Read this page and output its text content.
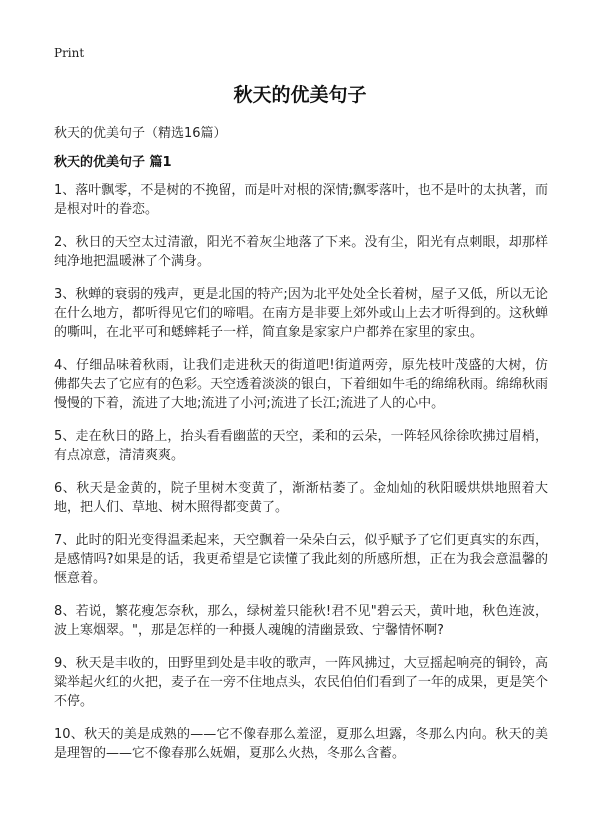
Print
秋天的优美句子

秋天的优美句子（精选16篇）

秋天的优美句子 篇1

1、落叶飘零，不是树的不挽留，而是叶对根的深情;飘零落叶，也不是叶的太执著，而是根对叶的眷恋。

2、秋日的天空太过清澈，阳光不着灰尘地落了下来。没有尘，阳光有点刺眼，却那样纯净地把温暖淋了个满身。

3、秋蝉的衰弱的残声，更是北国的特产;因为北平处处全长着树，屋子又低，所以无论在什么地方，都听得见它们的啼唱。在南方是非要上郊外或山上去才听得到的。这秋蝉的嘶叫，在北平可和蟋蟀耗子一样，简直象是家家户户都养在家里的家虫。

4、仔细品味着秋雨，让我们走进秋天的街道吧!街道两旁，原先枝叶茂盛的大树，仿佛都失去了它应有的色彩。天空透着淡淡的银白，下着细如牛毛的绵绵秋雨。绵绵秋雨慢慢的下着，流进了大地;流进了小河;流进了长江;流进了人的心中。

5、走在秋日的路上，抬头看看幽蓝的天空，柔和的云朵，一阵轻风徐徐吹拂过眉梢，有点凉意，清清爽爽。

6、秋天是金黄的，院子里树木变黄了，渐渐枯萎了。金灿灿的秋阳暖烘烘地照着大地，把人们、草地、树木照得都变黄了。

7、此时的阳光变得温柔起来，天空飘着一朵朵白云，似乎赋予了它们更真实的东西，是感情吗?如果是的话，我更希望是它读懂了我此刻的所感所想，正在为我会意温馨的惬意着。

8、若说，繁花瘦怎奈秋，那么，绿树羞只能秋!君不见"碧云天，黄叶地，秋色连波，波上寒烟翠。"，那是怎样的一种摄人魂魄的清幽景致、宁馨情怀啊?

9、秋天是丰收的，田野里到处是丰收的歌声，一阵风拂过，大豆摇起响亮的铜铃，高粱举起火红的火把，麦子在一旁不住地点头，农民伯伯们看到了一年的成果，更是笑个不停。

10、秋天的美是成熟的——它不像春那么羞涩，夏那么坦露，冬那么内向。秋天的美是理智的——它不像春那么妩媚，夏那么火热，冬那么含蓄。
